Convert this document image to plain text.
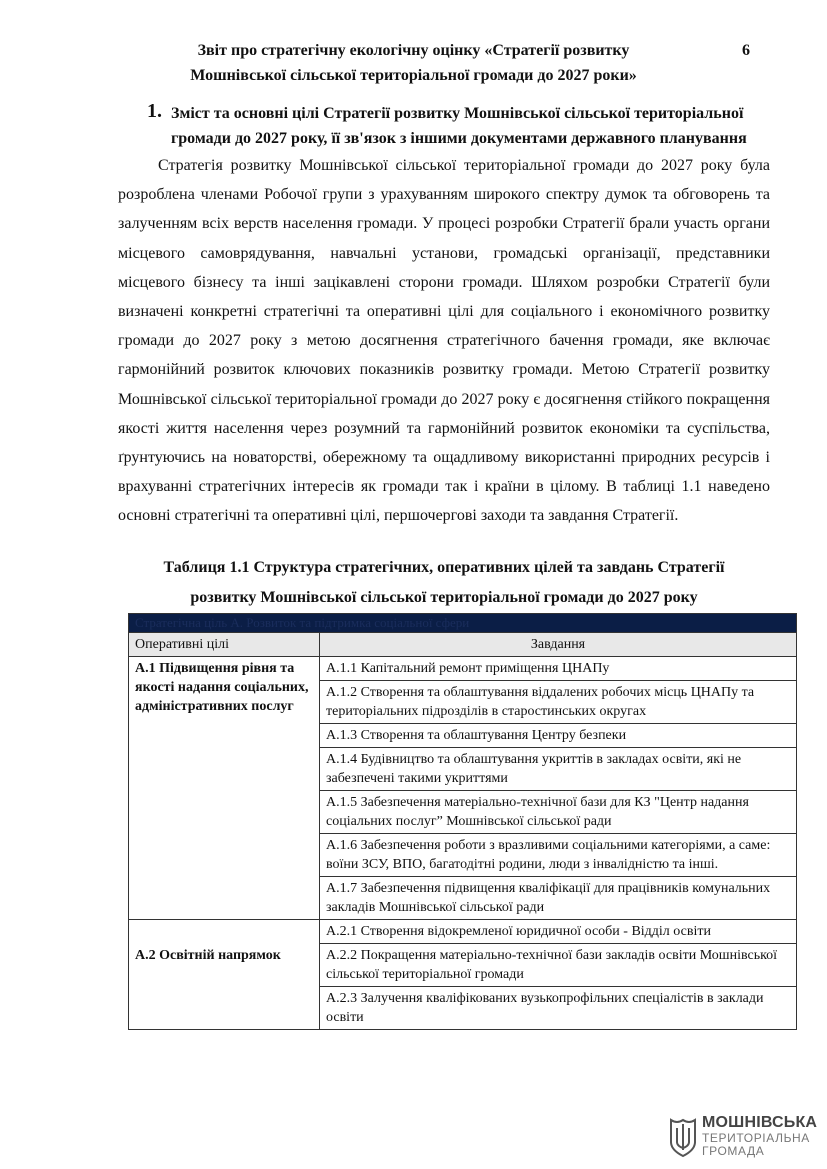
Звіт про стратегічну екологічну оцінку «Стратегії розвитку
Мошнівської сільської територіальної громади до 2027 роки»
6
1. Зміст та основні цілі Стратегії розвитку Мошнівської сільської територіальної громади до 2027 року, її зв'язок з іншими документами державного планування

Стратегія розвитку Мошнівської сільської територіальної громади до 2027 року була розроблена членами Робочої групи з урахуванням широкого спектру думок та обговорень та залученням всіх верств населення громади. У процесі розробки Стратегії брали участь органи місцевого самоврядування, навчальні установи, громадські організації, представники місцевого бізнесу та інші зацікавлені сторони громади. Шляхом розробки Стратегії були визначені конкретні стратегічні та оперативні цілі для соціального і економічного розвитку громади до 2027 року з метою досягнення стратегічного бачення громади, яке включає гармонійний розвиток ключових показників розвитку громади. Метою Стратегії розвитку Мошнівської сільської територіальної громади до 2027 року є досягнення стійкого покращення якості життя населення через розумний та гармонійний розвиток економіки та суспільства, ґрунтуючись на новаторстві, обережному та ощадливому використанні природних ресурсів і врахуванні стратегічних інтересів як громади так і країни в цілому. В таблиці 1.1 наведено основні стратегічні та оперативні цілі, першочергові заходи та завдання Стратегії.

Таблиця 1.1 Структура стратегічних, оперативних цілей та завдань Стратегії
розвитку Мошнівської сільської територіальної громади до 2027 року
Стратегічна ціль А. Розвиток та підтримка соціальної сфери	
Оперативні цілі	Завдання
А.1 Підвищення рівня та якості надання соціальних, адміністративних послуг	А.1.1 Капітальний ремонт приміщення ЦНАПу
	А.1.2 Створення та облаштування віддалених робочих місць ЦНАПу та територіальних підрозділів в старостинських округах
	А.1.3 Створення та облаштування Центру безпеки
	А.1.4 Будівництво та облаштування укриттів в закладах освіти, які не забезпечені такими укриттями
	А.1.5 Забезпечення матеріально-технічної бази для КЗ "Центр надання соціальних послуг” Мошнівської сільської ради
	А.1.6 Забезпечення роботи з вразливими соціальними категоріями, а саме: воїни ЗСУ, ВПО, багатодітні родини, люди з інвалідністю та інші.
	А.1.7 Забезпечення підвищення кваліфікації для працівників комунальних закладів Мошнівської сільської ради
А.2 Освітній напрямок	А.2.1 Створення відокремленої юридичної особи - Відділ освіти
	А.2.2 Покращення матеріально-технічної бази закладів освіти Мошнівської сільської територіальної громади
	А.2.3 Залучення кваліфікованих вузькопрофільних спеціалістів в заклади освіти
МОШНІВСЬКА
ТЕРИТОРІАЛЬНА
ГРОМАДА
